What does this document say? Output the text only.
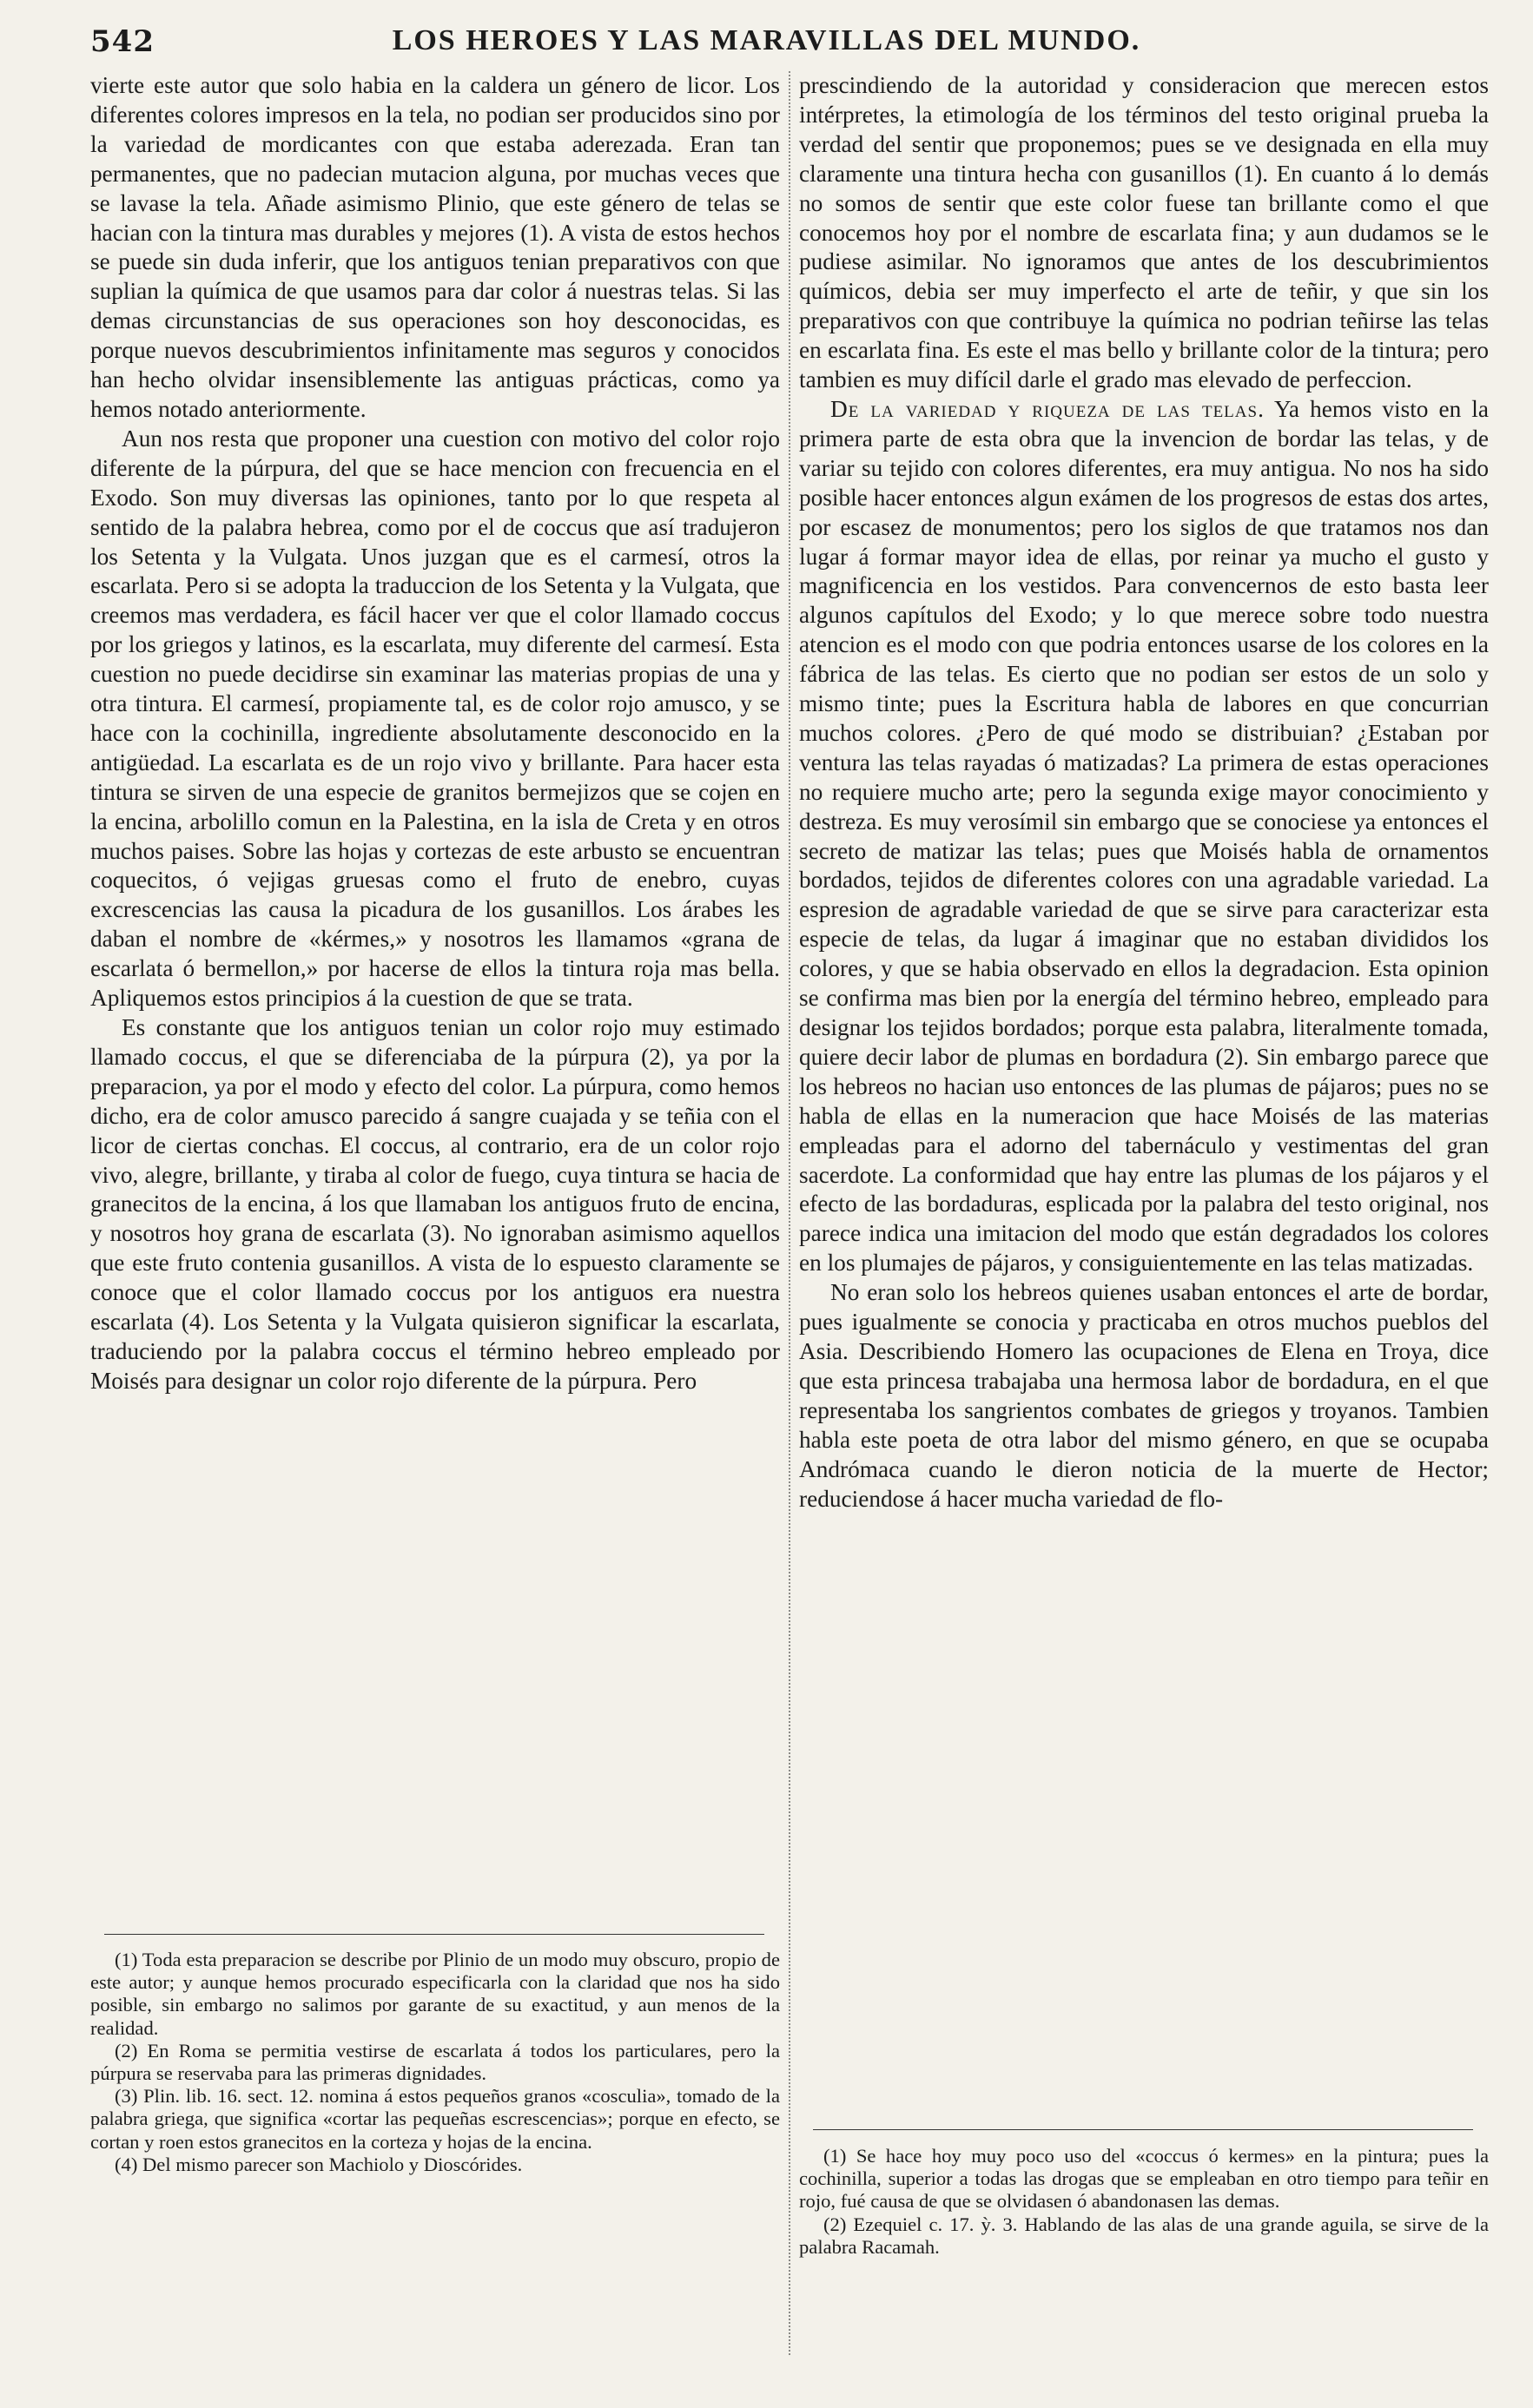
542	LOS HEROES Y LAS MARAVILLAS DEL MUNDO.

vierte este autor que solo habia en la caldera un género de licor. Los diferentes colores impresos en la tela, no podian ser producidos sino por la variedad de mordicantes con que estaba aderezada. Eran tan permanentes, que no padecian mutacion alguna, por muchas veces que se lavase la tela. Añade asimismo Plinio, que este género de telas se hacian con la tintura mas durables y mejores (1). A vista de estos hechos se puede sin duda inferir, que los antiguos tenian preparativos con que suplian la química de que usamos para dar color á nuestras telas. Si las demas circunstancias de sus operaciones son hoy desconocidas, es porque nuevos descubrimientos infinitamente mas seguros y conocidos han hecho olvidar insensiblemente las antiguas prácticas, como ya hemos notado anteriormente.

Aun nos resta que proponer una cuestion con motivo del color rojo diferente de la púrpura, del que se hace mencion con frecuencia en el Exodo. Son muy diversas las opiniones, tanto por lo que respeta al sentido de la palabra hebrea, como por el de coccus que así tradujeron los Setenta y la Vulgata. Unos juzgan que es el carmesí, otros la escarlata. Pero si se adopta la traduccion de los Setenta y la Vulgata, que creemos mas verdadera, es fácil hacer ver que el color llamado coccus por los griegos y latinos, es la escarlata, muy diferente del carmesí. Esta cuestion no puede decidirse sin examinar las materias propias de una y otra tintura. El carmesí, propiamente tal, es de color rojo amusco, y se hace con la cochinilla, ingrediente absolutamente desconocido en la antigüedad. La escarlata es de un rojo vivo y brillante. Para hacer esta tintura se sirven de una especie de granitos bermejizos que se cojen en la encina, arbolillo comun en la Palestina, en la isla de Creta y en otros muchos paises. Sobre las hojas y cortezas de este arbusto se encuentran coquecitos, ó vejigas gruesas como el fruto de enebro, cuyas excrescencias las causa la picadura de los gusanillos. Los árabes les daban el nombre de «kérmes,» y nosotros les llamamos «grana de escarlata ó bermellon,» por hacerse de ellos la tintura roja mas bella. Apliquemos estos principios á la cuestion de que se trata.

Es constante que los antiguos tenian un color rojo muy estimado llamado coccus, el que se diferenciaba de la púrpura (2), ya por la preparacion, ya por el modo y efecto del color. La púrpura, como hemos dicho, era de color amusco parecido á sangre cuajada y se teñia con el licor de ciertas conchas. El coccus, al contrario, era de un color rojo vivo, alegre, brillante, y tiraba al color de fuego, cuya tintura se hacia de granecitos de la encina, á los que llamaban los antiguos fruto de encina, y nosotros hoy grana de escarlata (3). No ignoraban asimismo aquellos que este fruto contenia gusanillos. A vista de lo espuesto claramente se conoce que el color llamado coccus por los antiguos era nuestra escarlata (4). Los Setenta y la Vulgata quisieron significar la escarlata, traduciendo por la palabra coccus el término hebreo empleado por Moisés para designar un color rojo diferente de la púrpura. Pero

prescindiendo de la autoridad y consideracion que merecen estos intérpretes, la etimología de los términos del testo original prueba la verdad del sentir que proponemos; pues se ve designada en ella muy claramente una tintura hecha con gusanillos (1). En cuanto á lo demás no somos de sentir que este color fuese tan brillante como el que conocemos hoy por el nombre de escarlata fina; y aun dudamos se le pudiese asimilar. No ignoramos que antes de los descubrimientos químicos, debia ser muy imperfecto el arte de teñir, y que sin los preparativos con que contribuye la química no podrian teñirse las telas en escarlata fina. Es este el mas bello y brillante color de la tintura; pero tambien es muy difícil darle el grado mas elevado de perfeccion.

De la variedad y riqueza de las telas. Ya hemos visto en la primera parte de esta obra que la invencion de bordar las telas, y de variar su tejido con colores diferentes, era muy antigua. No nos ha sido posible hacer entonces algun exámen de los progresos de estas dos artes, por escasez de monumentos; pero los siglos de que tratamos nos dan lugar á formar mayor idea de ellas, por reinar ya mucho el gusto y magnificencia en los vestidos. Para convencernos de esto basta leer algunos capítulos del Exodo; y lo que merece sobre todo nuestra atencion es el modo con que podria entonces usarse de los colores en la fábrica de las telas. Es cierto que no podian ser estos de un solo y mismo tinte; pues la Escritura habla de labores en que concurrian muchos colores. ¿Pero de qué modo se distribuian? ¿Estaban por ventura las telas rayadas ó matizadas? La primera de estas operaciones no requiere mucho arte; pero la segunda exige mayor conocimiento y destreza. Es muy verosímil sin embargo que se conociese ya entonces el secreto de matizar las telas; pues que Moisés habla de ornamentos bordados, tejidos de diferentes colores con una agradable variedad. La espresion de agradable variedad de que se sirve para caracterizar esta especie de telas, da lugar á imaginar que no estaban divididos los colores, y que se habia observado en ellos la degradacion. Esta opinion se confirma mas bien por la energía del término hebreo, empleado para designar los tejidos bordados; porque esta palabra, literalmente tomada, quiere decir labor de plumas en bordadura (2). Sin embargo parece que los hebreos no hacian uso entonces de las plumas de pájaros; pues no se habla de ellas en la numeracion que hace Moisés de las materias empleadas para el adorno del tabernáculo y vestimentas del gran sacerdote. La conformidad que hay entre las plumas de los pájaros y el efecto de las bordaduras, esplicada por la palabra del testo original, nos parece indica una imitacion del modo que están degradados los colores en los plumajes de pájaros, y consiguientemente en las telas matizadas.

No eran solo los hebreos quienes usaban entonces el arte de bordar, pues igualmente se conocia y practicaba en otros muchos pueblos del Asia. Describiendo Homero las ocupaciones de Elena en Troya, dice que esta princesa trabajaba una hermosa labor de bordadura, en el que representaba los sangrientos combates de griegos y troyanos. Tambien habla este poeta de otra labor del mismo género, en que se ocupaba Andrómaca cuando le dieron noticia de la muerte de Hector; reduciendose á hacer mucha variedad de flo-

(1) Toda esta preparacion se describe por Plinio de un modo muy obscuro, propio de este autor; y aunque hemos procurado especificarla con la claridad que nos ha sido posible, sin embargo no salimos por garante de su exactitud, y aun menos de la realidad.

(2) En Roma se permitia vestirse de escarlata á todos los particulares, pero la púrpura se reservaba para las primeras dignidades.

(3) Plin. lib. 16. sect. 12. nomina á estos pequeños granos «cosculia», tomado de la palabra griega, que significa «cortar las pequeñas escrescencias»; porque en efecto, se cortan y roen estos granecitos en la corteza y hojas de la encina.

(4) Del mismo parecer son Machiolo y Dioscórides.	(1) Se hace hoy muy poco uso del «coccus ó kermes» en la pintura; pues la cochinilla, superior a todas las drogas que se empleaban en otro tiempo para teñir en rojo, fué causa de que se olvidasen ó abandonasen las demas.

(2) Ezequiel c. 17. ỳ. 3. Hablando de las alas de una grande aguila, se sirve de la palabra Racamah.
